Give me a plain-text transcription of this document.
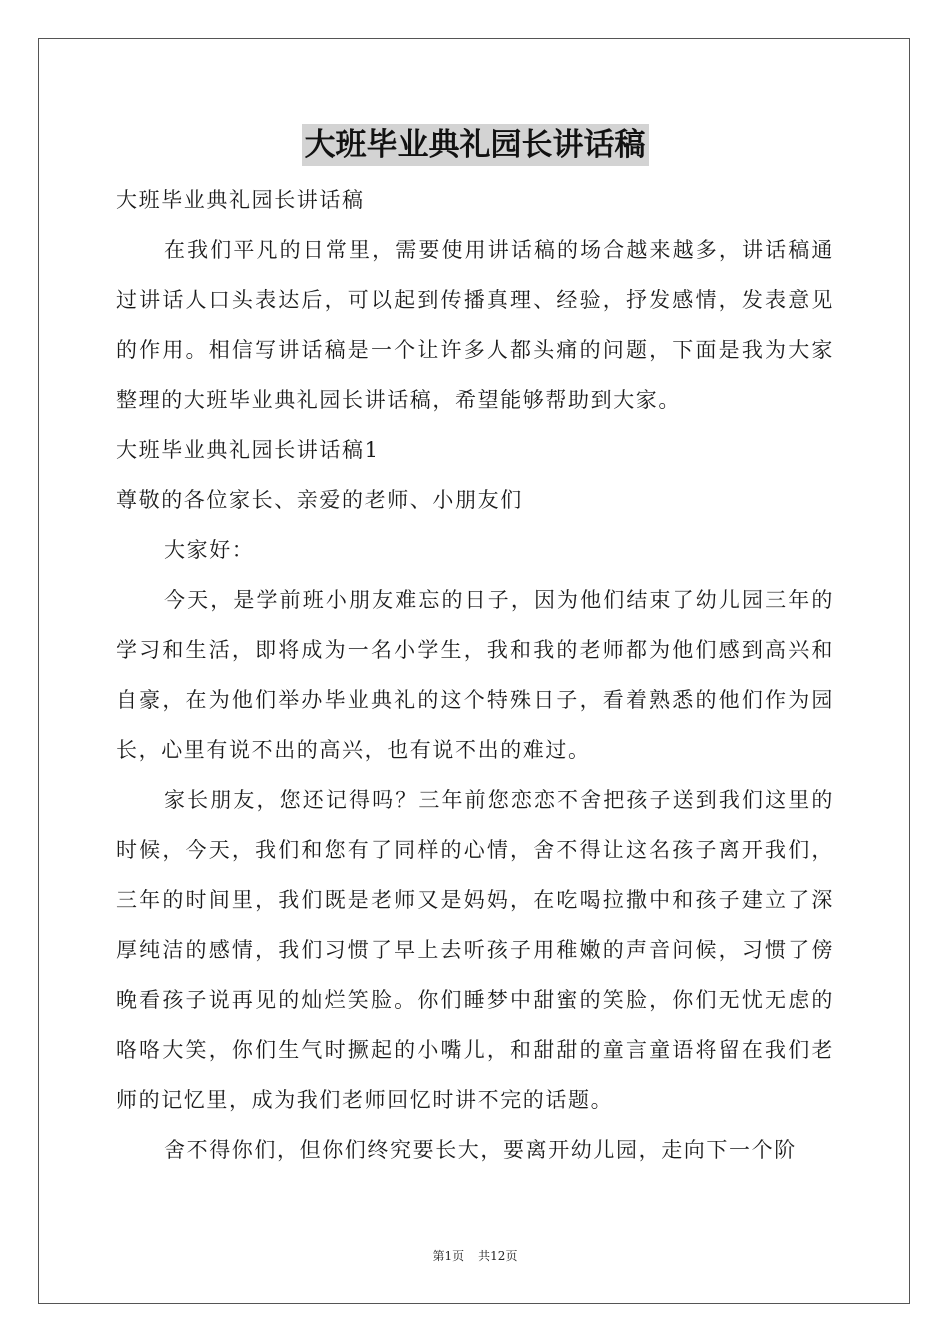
大班毕业典礼园长讲话稿

大班毕业典礼园长讲话稿

在我们平凡的日常里，需要使用讲话稿的场合越来越多，讲话稿通过讲话人口头表达后，可以起到传播真理、经验，抒发感情，发表意见的作用。相信写讲话稿是一个让许多人都头痛的问题，下面是我为大家整理的大班毕业典礼园长讲话稿，希望能够帮助到大家。

大班毕业典礼园长讲话稿1

尊敬的各位家长、亲爱的老师、小朋友们

大家好：

今天，是学前班小朋友难忘的日子，因为他们结束了幼儿园三年的学习和生活，即将成为一名小学生，我和我的老师都为他们感到高兴和自豪，在为他们举办毕业典礼的这个特殊日子，看着熟悉的他们作为园长，心里有说不出的高兴，也有说不出的难过。

家长朋友，您还记得吗？三年前您恋恋不舍把孩子送到我们这里的时候，今天，我们和您有了同样的心情，舍不得让这名孩子离开我们，三年的时间里，我们既是老师又是妈妈，在吃喝拉撒中和孩子建立了深厚纯洁的感情，我们习惯了早上去听孩子用稚嫩的声音问候，习惯了傍晚看孩子说再见的灿烂笑脸。你们睡梦中甜蜜的笑脸，你们无忧无虑的咯咯大笑，你们生气时撅起的小嘴儿，和甜甜的童言童语将留在我们老师的记忆里，成为我们老师回忆时讲不完的话题。

舍不得你们，但你们终究要长大，要离开幼儿园，走向下一个阶

第1页 共12页
